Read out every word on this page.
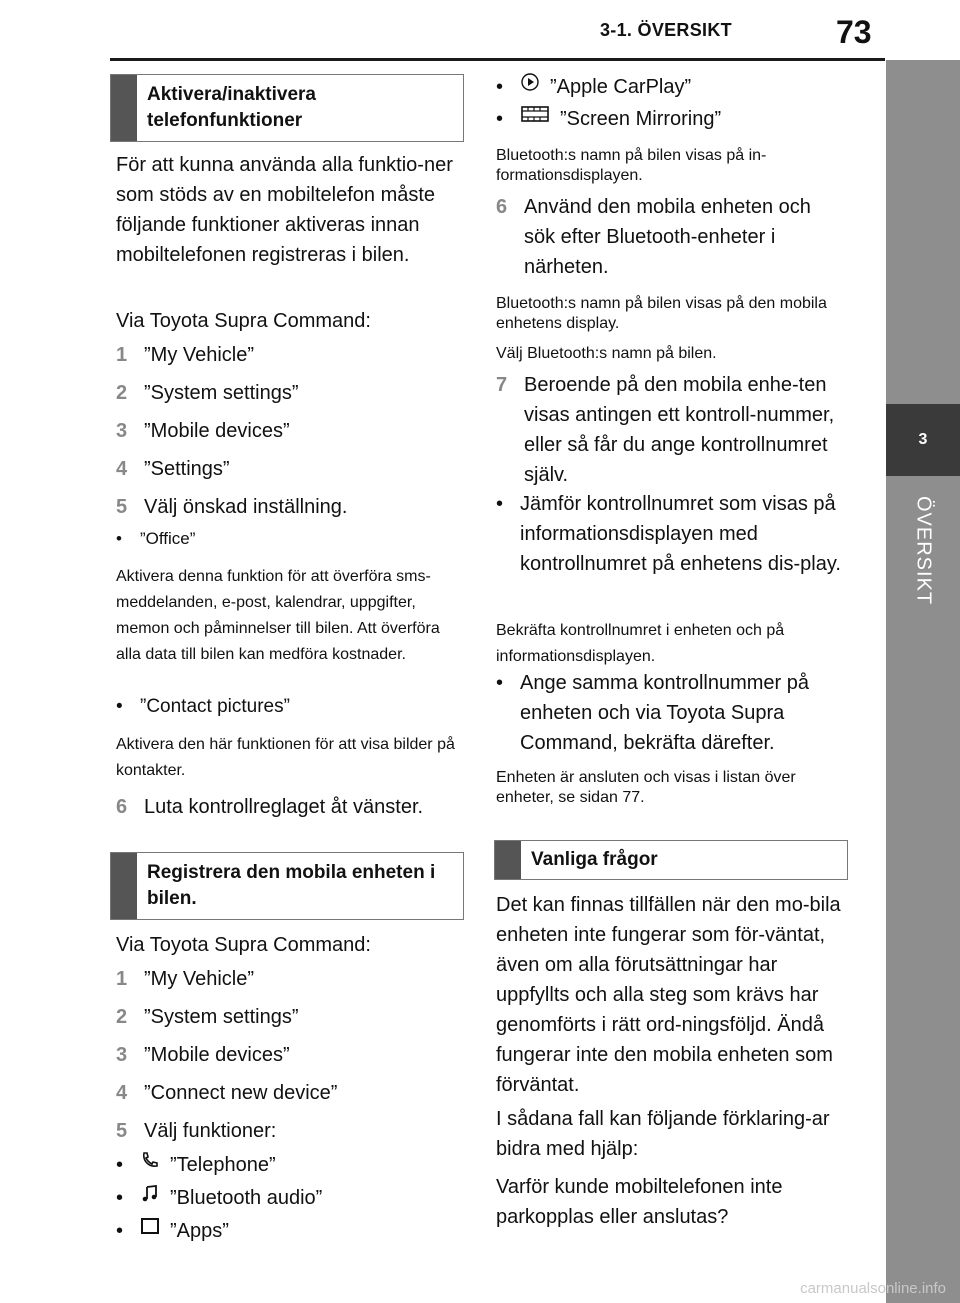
3-1. ÖVERSIKT	73
3
ÖVERSIKT
Aktivera/inaktivera telefonfunktioner
För att kunna använda alla funktio-ner som stöds av en mobiltelefon måste följande funktioner aktiveras innan mobiltelefonen registreras i bilen.
Via Toyota Supra Command:
1 ”My Vehicle”
2 ”System settings”
3 ”Mobile devices”
4 ”Settings”
5 Välj önskad inställning.
•	”Office”
Aktivera denna funktion för att överföra sms-meddelanden, e-post, kalendrar, uppgifter, memon och påminnelser till bilen. Att överföra alla data till bilen kan medföra kostnader.
• ”Contact pictures”
Aktivera den här funktionen för att visa bilder på kontakter.
6 Luta kontrollreglaget åt vänster.
Registrera den mobila enheten i bilen.
Via Toyota Supra Command:
1 ”My Vehicle”
2 ”System settings”
3 ”Mobile devices”
4 ”Connect new device”
5 Välj funktioner:
•	”Telephone”
•	”Bluetooth audio”
•	”Apps”
•	”Apple CarPlay”
•	”Screen Mirroring”
Bluetooth:s namn på bilen visas på in-formationsdisplayen.
6 Använd den mobila enheten och sök efter Bluetooth-enheter i närheten.
Bluetooth:s namn på bilen visas på den mobila enhetens display.
Välj Bluetooth:s namn på bilen.
7 Beroende på den mobila enhe-ten visas antingen ett kontroll-nummer, eller så får du ange kontrollnumret själv.
• Jämför kontrollnumret som visas på informationsdisplayen med kontrollnumret på enhetens dis-play.
Bekräfta kontrollnumret i enheten och på informationsdisplayen.
• Ange samma kontrollnummer på enheten och via Toyota Supra Command, bekräfta därefter.
Enheten är ansluten och visas i listan över enheter, se sidan 77.
Vanliga frågor
Det kan finnas tillfällen när den mo-bila enheten inte fungerar som för-väntat, även om alla förutsättningar har uppfyllts och alla steg som krävs har genomförts i rätt ord-ningsföljd. Ändå fungerar inte den mobila enheten som förväntat.
I sådana fall kan följande förklaring-ar bidra med hjälp:
Varför kunde mobiltelefonen inte parkopplas eller anslutas?
carmanualsonline.info
